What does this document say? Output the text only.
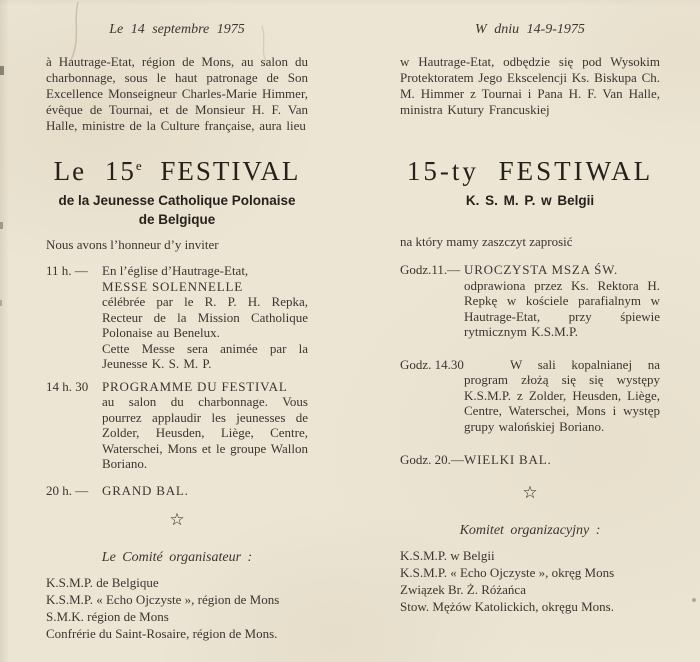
Le 14 septembre 1975

à Hautrage-Etat, région de Mons, au salon du charbonnage, sous le haut patronage de Son Excellence Monseigneur Charles-Marie Himmer, évêque de Tournai, et de Monsieur H. F. Van Halle, ministre de la Culture française, aura lieu

Le 15e FESTIVAL
de la Jeunesse Catholique Polonaise
de Belgique

Nous avons l’honneur d’y inviter

11 h. — En l’église d’Hautrage-Etat,

MESSE SOLENNELLE

célébrée par le R. P. H. Repka, Recteur de la Mission Catholique Polonaise au Benelux.

Cette Messe sera animée par la Jeunesse K. S. M. P.

14 h. 30 PROGRAMME DU FESTIVAL

au salon du charbonnage. Vous pourrez applaudir les jeunesses de Zolder, Heusden, Liège, Centre, Waterschei, Mons et le groupe Wallon Boriano.

20 h. — GRAND BAL.

☆
Le Comité organisateur :
K.S.M.P. de Belgique
K.S.M.P. « Echo Ojczyste », région de Mons
S.M.K. région de Mons
Confrérie du Saint-Rosaire, région de Mons.

W dniu 14-9-1975

w Hautrage-Etat, odbędzie się pod Wysokim Protektoratem Jego Ekscelencji Ks. Biskupa Ch. M. Himmer z Tournai i Pana H. F. Van Halle, ministra Kutury Francuskiej

15-ty FESTIWAL
K. S. M. P. w Belgii

na który mamy zaszczyt zaprosić

Godz.11.— UROCZYSTA MSZA ŚW.

odprawiona przez Ks. Rektora H. Repkę w kościele parafialnym w Hautrage-Etat, przy śpiewie rytmicznym K.S.M.P.

Godz. 14.30	W sali kopalnianej na program złożą się się występy K.S.M.P. z Zolder, Heusden, Liège, Centre, Waterschei, Mons i występ grupy walońskiej Boriano.

Godz. 20.— WIELKI BAL.

☆
Komitet organizacyjny :
K.S.M.P. w Belgii
K.S.M.P. « Echo Ojczyste », okręg Mons
Związek Br. Ż. Różańca
Stow. Mężów Katolickich, okręgu Mons.
